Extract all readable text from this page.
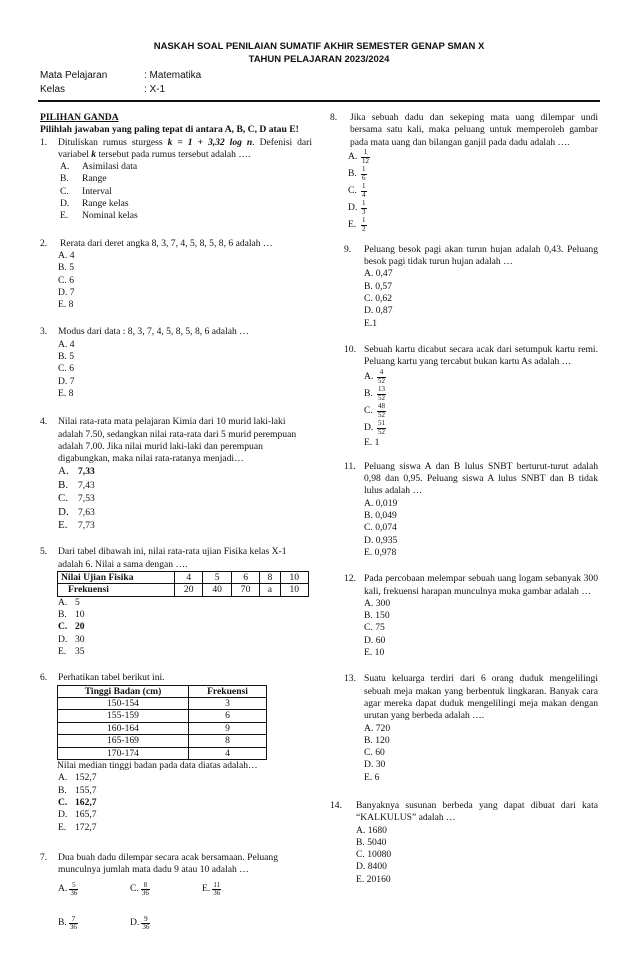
NASKAH SOAL PENILAIAN SUMATIF AKHIR SEMESTER GENAP SMAN X
TAHUN PELAJARAN 2023/2024
Mata Pelajaran	: Matematika
Kelas	: X-1
PILIHAN GANDA
Pilihlah jawaban yang paling tepat di antara A, B, C, D atau E!
1.	Dituliskan rumus sturgess k = 1 + 3,32 log n. Defenisi dari variabel k tersebut pada rumus tersebut adalah ….
A. Asimilasi data
B. Range
C. Interval
D. Range kelas
E. Nominal kelas
2.	Rerata dari deret angka 8, 3, 7, 4, 5, 8, 5, 8, 6 adalah …
A. 4
B. 5
C. 6
D. 7
E. 8
3.	Modus dari data : 8, 3, 7, 4, 5, 8, 5, 8, 6 adalah …
A. 4
B. 5
C. 6
D. 7
E. 8
4.	Nilai rata-rata mata pelajaran Kimia dari 10 murid laki-laki adalah 7.50, sedangkan nilai rata-rata dari 5 murid perempuan adalah 7.00. Jika nilai murid laki-laki dan perempuan digabungkan, maka nilai rata-ratanya menjadi…
A. 7,33
B. 7,43
C. 7,53
D. 7,63
E. 7,73
5.	Dari tabel dibawah ini, nilai rata-rata ujian Fisika kelas X-1 adalah 6. Nilai a sama dengan ….
Nilai Ujian Fisika	4	5	6	8	10
Frekuensi	20	40	70	a	10
A. 5
B. 10
C. 20
D. 30
E. 35
6.	Perhatikan tabel berikut ini.
Tinggi Badan (cm)	Frekuensi
150-154	3
155-159	6
160-164	9
165-169	8
170-174	4
Nilai median tinggi badan pada data diatas adalah…
A. 152,7
B. 155,7
C. 162,7
D. 165,7
E. 172,7
7.	Dua buah dadu dilempar secara acak bersamaan. Peluang munculnya jumlah mata dadu 9 atau 10 adalah …
A. $\frac{5}{36}$	C. $\frac{8}{36}$	E. $\frac{11}{36}$
B. $\frac{7}{36}$	D. $\frac{9}{36}$
8.	Jika sebuah dadu dan sekeping mata uang dilempar undi bersama satu kali, maka peluang untuk memperoleh gambar pada mata uang dan bilangan ganjil pada dadu adalah ….
A. $\frac{1}{12}$
B. $\frac{1}{6}$
C. $\frac{1}{4}$
D. $\frac{1}{3}$
E. $\frac{1}{2}$
9.	Peluang besok pagi akan turun hujan adalah 0,43. Peluang besok pagi tidak turun hujan adalah …
A. 0,47
B. 0,57
C. 0,62
D. 0,87
E.1
10. Sebuah kartu dicabut secara acak dari setumpuk kartu remi. Peluang kartu yang tercabut bukan kartu As adalah …
A. $\frac{4}{52}$
B. $\frac{13}{52}$
C. $\frac{48}{52}$
D. $\frac{51}{52}$
E. 1
11. Peluang siswa A dan B lulus SNBT berturut-turut adalah 0,98 dan 0,95. Peluang siswa A lulus SNBT dan B tidak lulus adalah …
A. 0,019
B. 0,049
C. 0,074
D. 0,935
E. 0,978
12. Pada percobaan melempar sebuah uang logam sebanyak 300 kali, frekuensi harapan munculnya muka gambar adalah …
A. 300
B. 150
C. 75
D. 60
E. 10
13. Suatu keluarga terdiri dari 6 orang duduk mengelilingi sebuah meja makan yang berbentuk lingkaran. Banyak cara agar mereka dapat duduk mengelilingi meja makan dengan urutan yang berbeda adalah ….
A. 720
B. 120
C. 60
D. 30
E. 6
14.	Banyaknya susunan berbeda yang dapat dibuat dari kata “KALKULUS” adalah …
A. 1680
B. 5040
C. 10080
D. 8400
E. 20160
